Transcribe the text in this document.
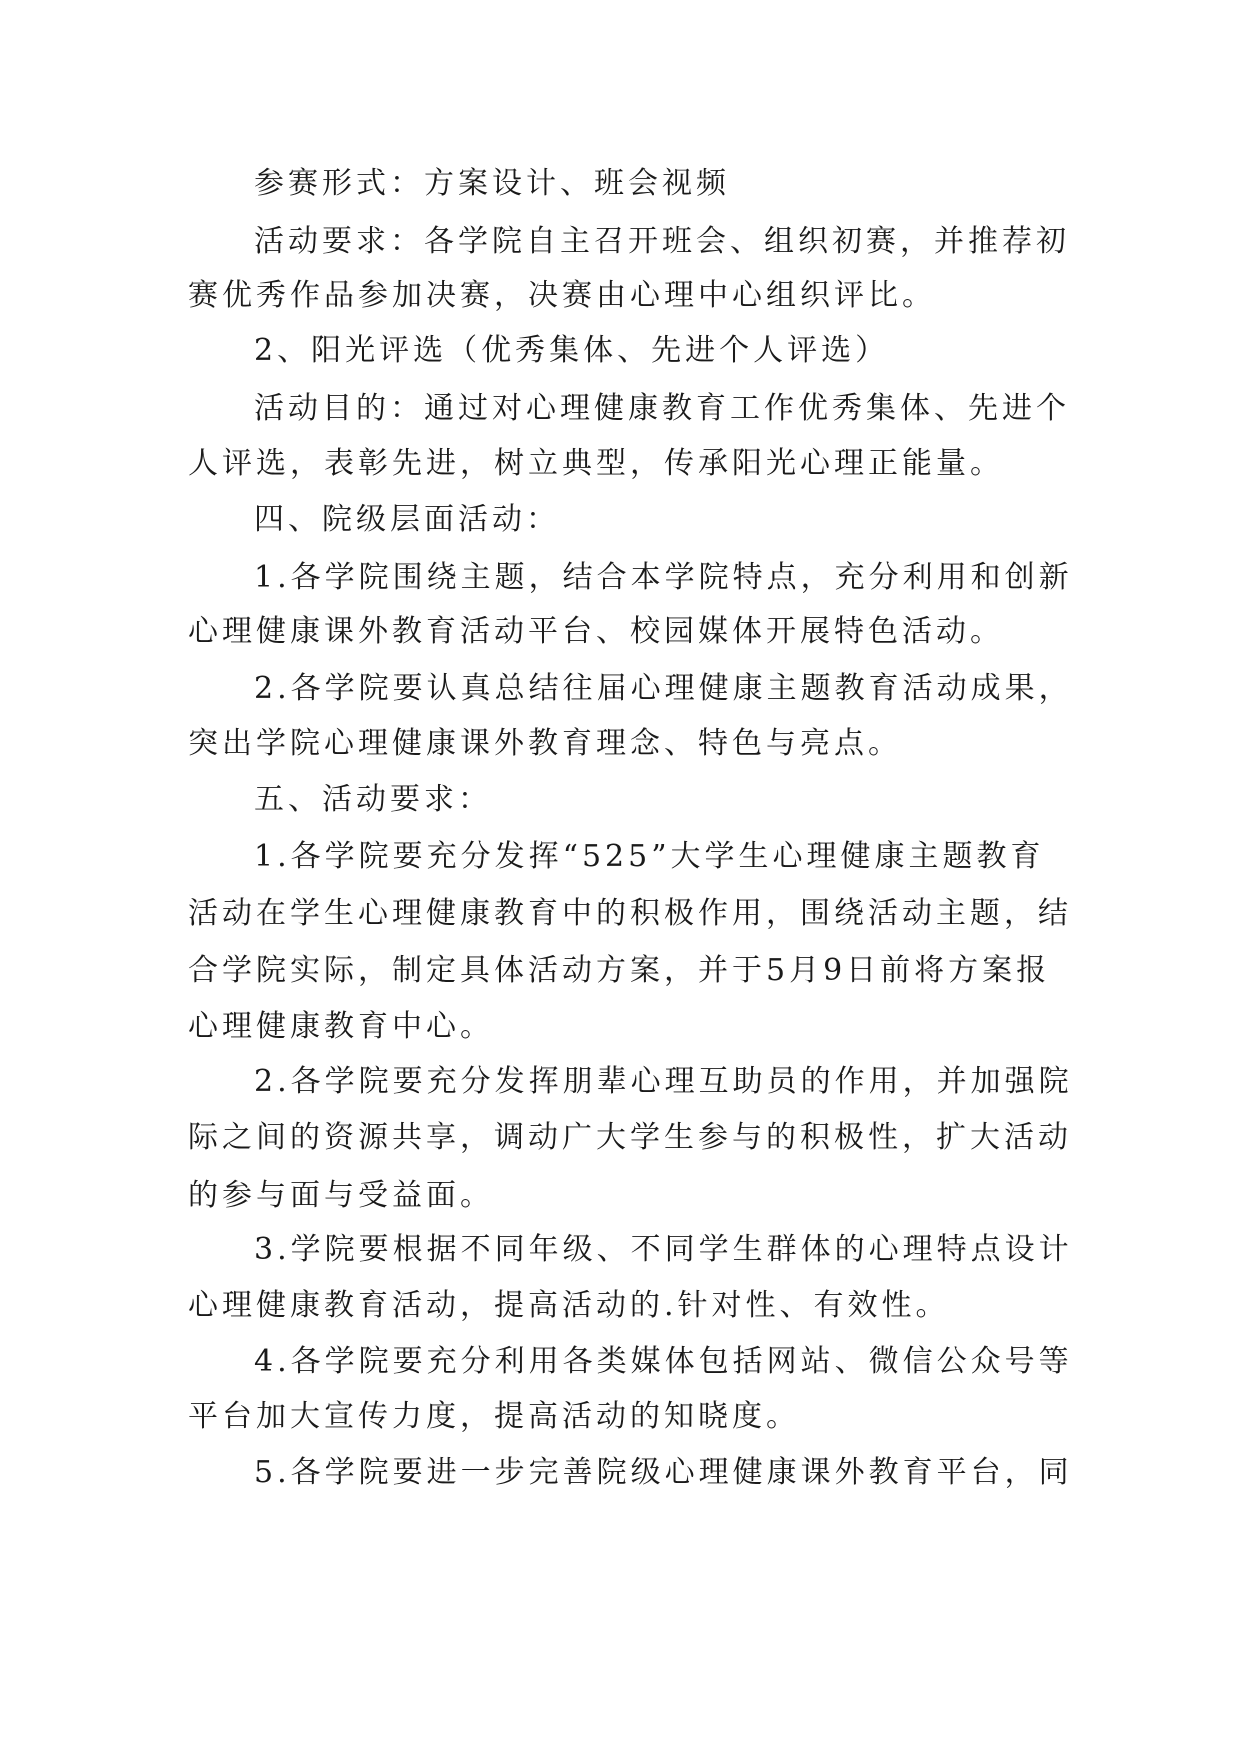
参赛形式：方案设计、班会视频
活动要求：各学院自主召开班会、组织初赛，并推荐初
赛优秀作品参加决赛，决赛由心理中心组织评比。
2、阳光评选（优秀集体、先进个人评选）
活动目的：通过对心理健康教育工作优秀集体、先进个
人评选，表彰先进，树立典型，传承阳光心理正能量。
四、院级层面活动：
1.各学院围绕主题，结合本学院特点，充分利用和创新
心理健康课外教育活动平台、校园媒体开展特色活动。
2.各学院要认真总结往届心理健康主题教育活动成果，
突出学院心理健康课外教育理念、特色与亮点。
五、活动要求：
1.各学院要充分发挥“525”大学生心理健康主题教育
活动在学生心理健康教育中的积极作用，围绕活动主题，结
合学院实际，制定具体活动方案，并于5月9日前将方案报
心理健康教育中心。
2.各学院要充分发挥朋辈心理互助员的作用，并加强院
际之间的资源共享，调动广大学生参与的积极性，扩大活动
的参与面与受益面。
3.学院要根据不同年级、不同学生群体的心理特点设计
心理健康教育活动，提高活动的.针对性、有效性。
4.各学院要充分利用各类媒体包括网站、微信公众号等
平台加大宣传力度，提高活动的知晓度。
5.各学院要进一步完善院级心理健康课外教育平台，同
